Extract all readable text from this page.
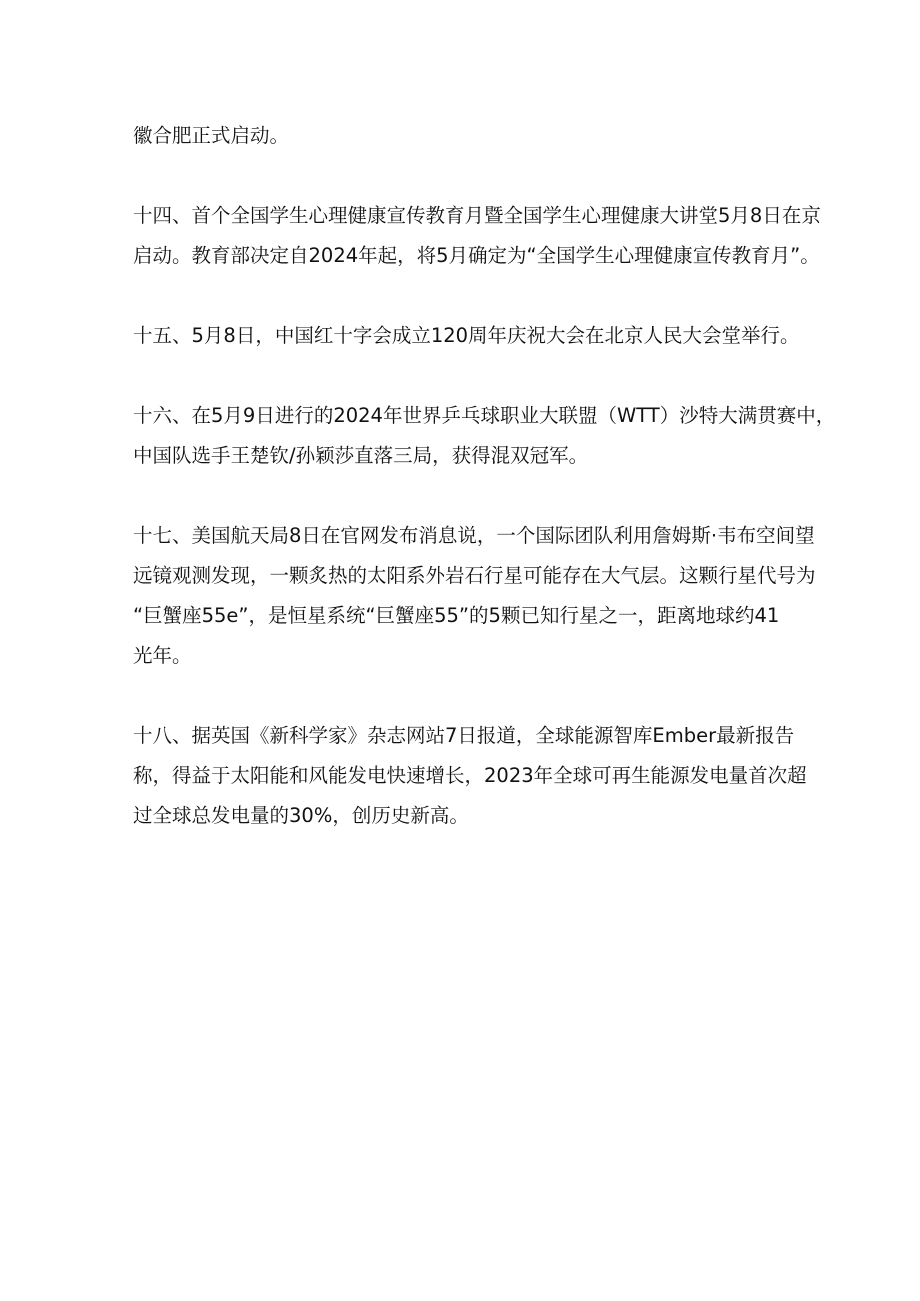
徽合肥正式启动。

十四、首个全国学生心理健康宣传教育月暨全国学生心理健康大讲堂5月8日在京
启动。教育部决定自2024年起，将5月确定为“全国学生心理健康宣传教育月”。

十五、5月8日，中国红十字会成立120周年庆祝大会在北京人民大会堂举行。

十六、在5月9日进行的2024年世界乒乓球职业大联盟（WTT）沙特大满贯赛中，
中国队选手王楚钦/孙颖莎直落三局，获得混双冠军。

十七、美国航天局8日在官网发布消息说，一个国际团队利用詹姆斯·韦布空间望
远镜观测发现，一颗炙热的太阳系外岩石行星可能存在大气层。这颗行星代号为
“巨蟹座55e”，是恒星系统“巨蟹座55”的5颗已知行星之一，距离地球约41
光年。

十八、据英国《新科学家》杂志网站7日报道，全球能源智库Ember最新报告
称，得益于太阳能和风能发电快速增长，2023年全球可再生能源发电量首次超
过全球总发电量的30%，创历史新高。
